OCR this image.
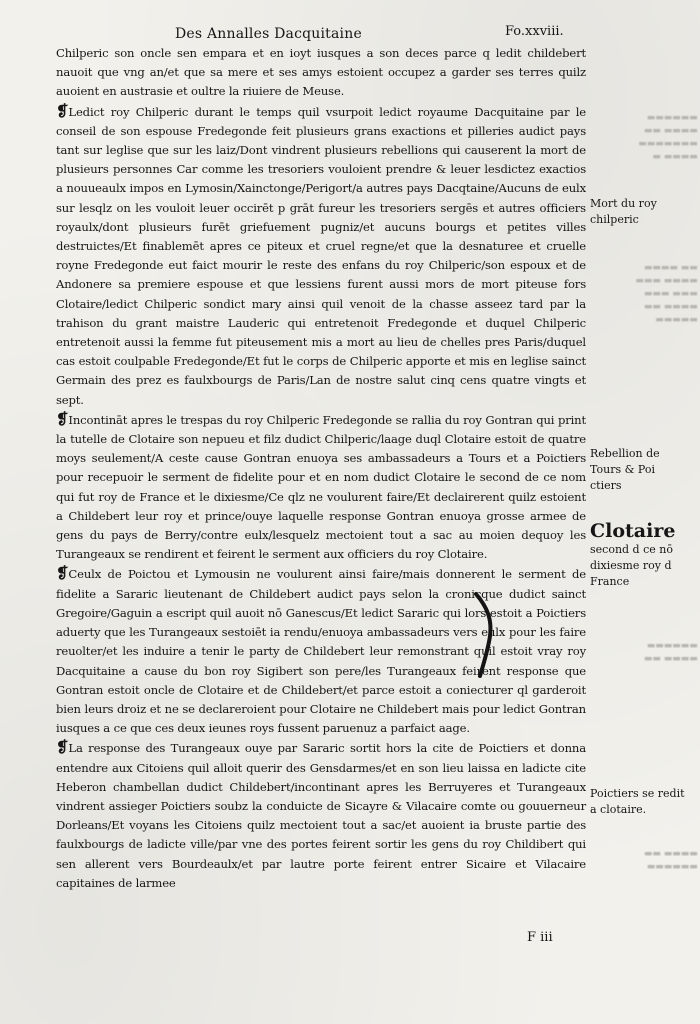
Des Annalles Dacquitaine	Fo.xxviii.
​▬▬▬▬▬▬
▬▬▬▬ ▬▬
▬▬▬▬▬▬▬
▬▬▬▬ ▬
▬▬ ▬▬▬▬
▬▬▬▬ ▬▬▬
▬▬▬ ▬▬▬
▬▬▬▬ ▬▬
▬▬▬▬▬
▬▬▬▬▬▬
▬▬▬▬ ▬▬
▬▬▬▬ ▬▬
▬▬▬▬▬▬

Chilperic son oncle sen empara et en ioyt iusques a son deces parce q ledit childebert nauoit que vng an/et que sa mere et ses amys estoient occupez a garder ses terres quilz auoient en austrasie et oultre la riuiere de Meuse.

❡Ledict roy Chilperic durant le temps quil vsurpoit ledict royaume Dacquitaine par le conseil de son espouse Fredegonde feit plusieurs grans exactions et pilleries audict pays tant sur leglise que sur les laiz/Dont vindrent plusieurs rebellions qui causerent la mort de plusieurs personnes Car comme les tresoriers vouloient prendre & leuer lesdictez exactios a nouueaulx impos en Lymosin/Xainctonge/Perigort/a autres pays Dacqtaine/Aucuns de eulx sur lesqlz on les vouloit leuer occirēt p grāt fureur les tresoriers sergēs et autres officiers royaulx/dont plusieurs furēt griefuement pugniz/et aucuns bourgs et petites villes destruictes/Et finablemēt apres ce piteux et cruel regne/et que la desnaturee et cruelle royne Fredegonde eut faict mourir le reste des enfans du roy Chilperic/son espoux et de Andonere sa premiere espouse et que lessiens furent aussi mors de mort piteuse fors Clotaire/ledict Chilperic sondict mary ainsi quil venoit de la chasse asseez tard par la trahison du grant maistre Lauderic qui entretenoit Fredegonde et duquel Chilperic entretenoit aussi la femme fut piteusement mis a mort au lieu de chelles pres Paris/duquel cas estoit coulpable Fredegonde/Et fut le corps de Chilperic apporte et mis en leglise sainct Germain des prez es faulxbourgs de Paris/Lan de nostre salut cinq cens quatre vingts et sept.

❡Incontināt apres le trespas du roy Chilperic Fredegonde se rallia du roy Gontran qui print la tutelle de Clotaire son nepueu et filz dudict Chilperic/laage duql Clotaire estoit de quatre moys seulement/A ceste cause Gontran enuoya ses ambassadeurs a Tours et a Poictiers pour recepuoir le serment de fidelite pour et en nom dudict Clotaire le second de ce nom qui fut roy de France et le dixiesme/Ce qlz ne voulurent faire/Et declairerent quilz estoient a Childebert leur roy et prince/ouye laquelle response Gontran enuoya grosse armee de gens du pays de Berry/contre eulx/lesquelz mectoient tout a sac au moien dequoy les Turangeaux se rendirent et feirent le serment aux officiers du roy Clotaire.

❡Ceulx de Poictou et Lymousin ne voulurent ainsi faire/mais donnerent le serment de fidelite a Sararic lieutenant de Childebert audict pays selon la cronicque dudict sainct Gregoire/Gaguin a escript quil auoit nō Ganescus/Et ledict Sararic qui lors estoit a Poictiers aduerty que les Turangeaux sestoiēt ia rendu/enuoya ambassadeurs vers eulx pour les faire reuolter/et les induire a tenir le party de Childebert leur remonstrant quil estoit vray roy Dacquitaine a cause du bon roy Sigibert son pere/les Turangeaux feirent response que Gontran estoit oncle de Clotaire et de Childebert/et parce estoit a coniecturer ql garderoit bien leurs droiz et ne se declareroient pour Clotaire ne Childebert mais pour ledict Gontran iusques a ce que ces deux ieunes roys fussent paruenuz a parfaict aage.

❡La response des Turangeaux ouye par Sararic sortit hors la cite de Poictiers et donna entendre aux Citoiens quil alloit querir des Gensdarmes/et en son lieu laissa en ladicte cite Heberon chambellan dudict Childebert/incontinant apres les Berruyeres et Turangeaux vindrent assieger Poictiers soubz la conduicte de Sicayre & Vilacaire comte ou gouuerneur Dorleans/Et voyans les Citoiens quilz mectoient tout a sac/et auoient ia bruste partie des faulxbourgs de ladicte ville/par vne des portes feirent sortir les gens du roy Childibert qui sen allerent vers Bourdeaulx/et par lautre porte feirent entrer Sicaire et Vilacaire capitaines de larmee

Mort du roy
chilperic
Rebellion de
Tours & Poi
ctiers
Clotaire
second d ce nō
dixiesme roy d
France
Poictiers se redit
a clotaire.
F iii
